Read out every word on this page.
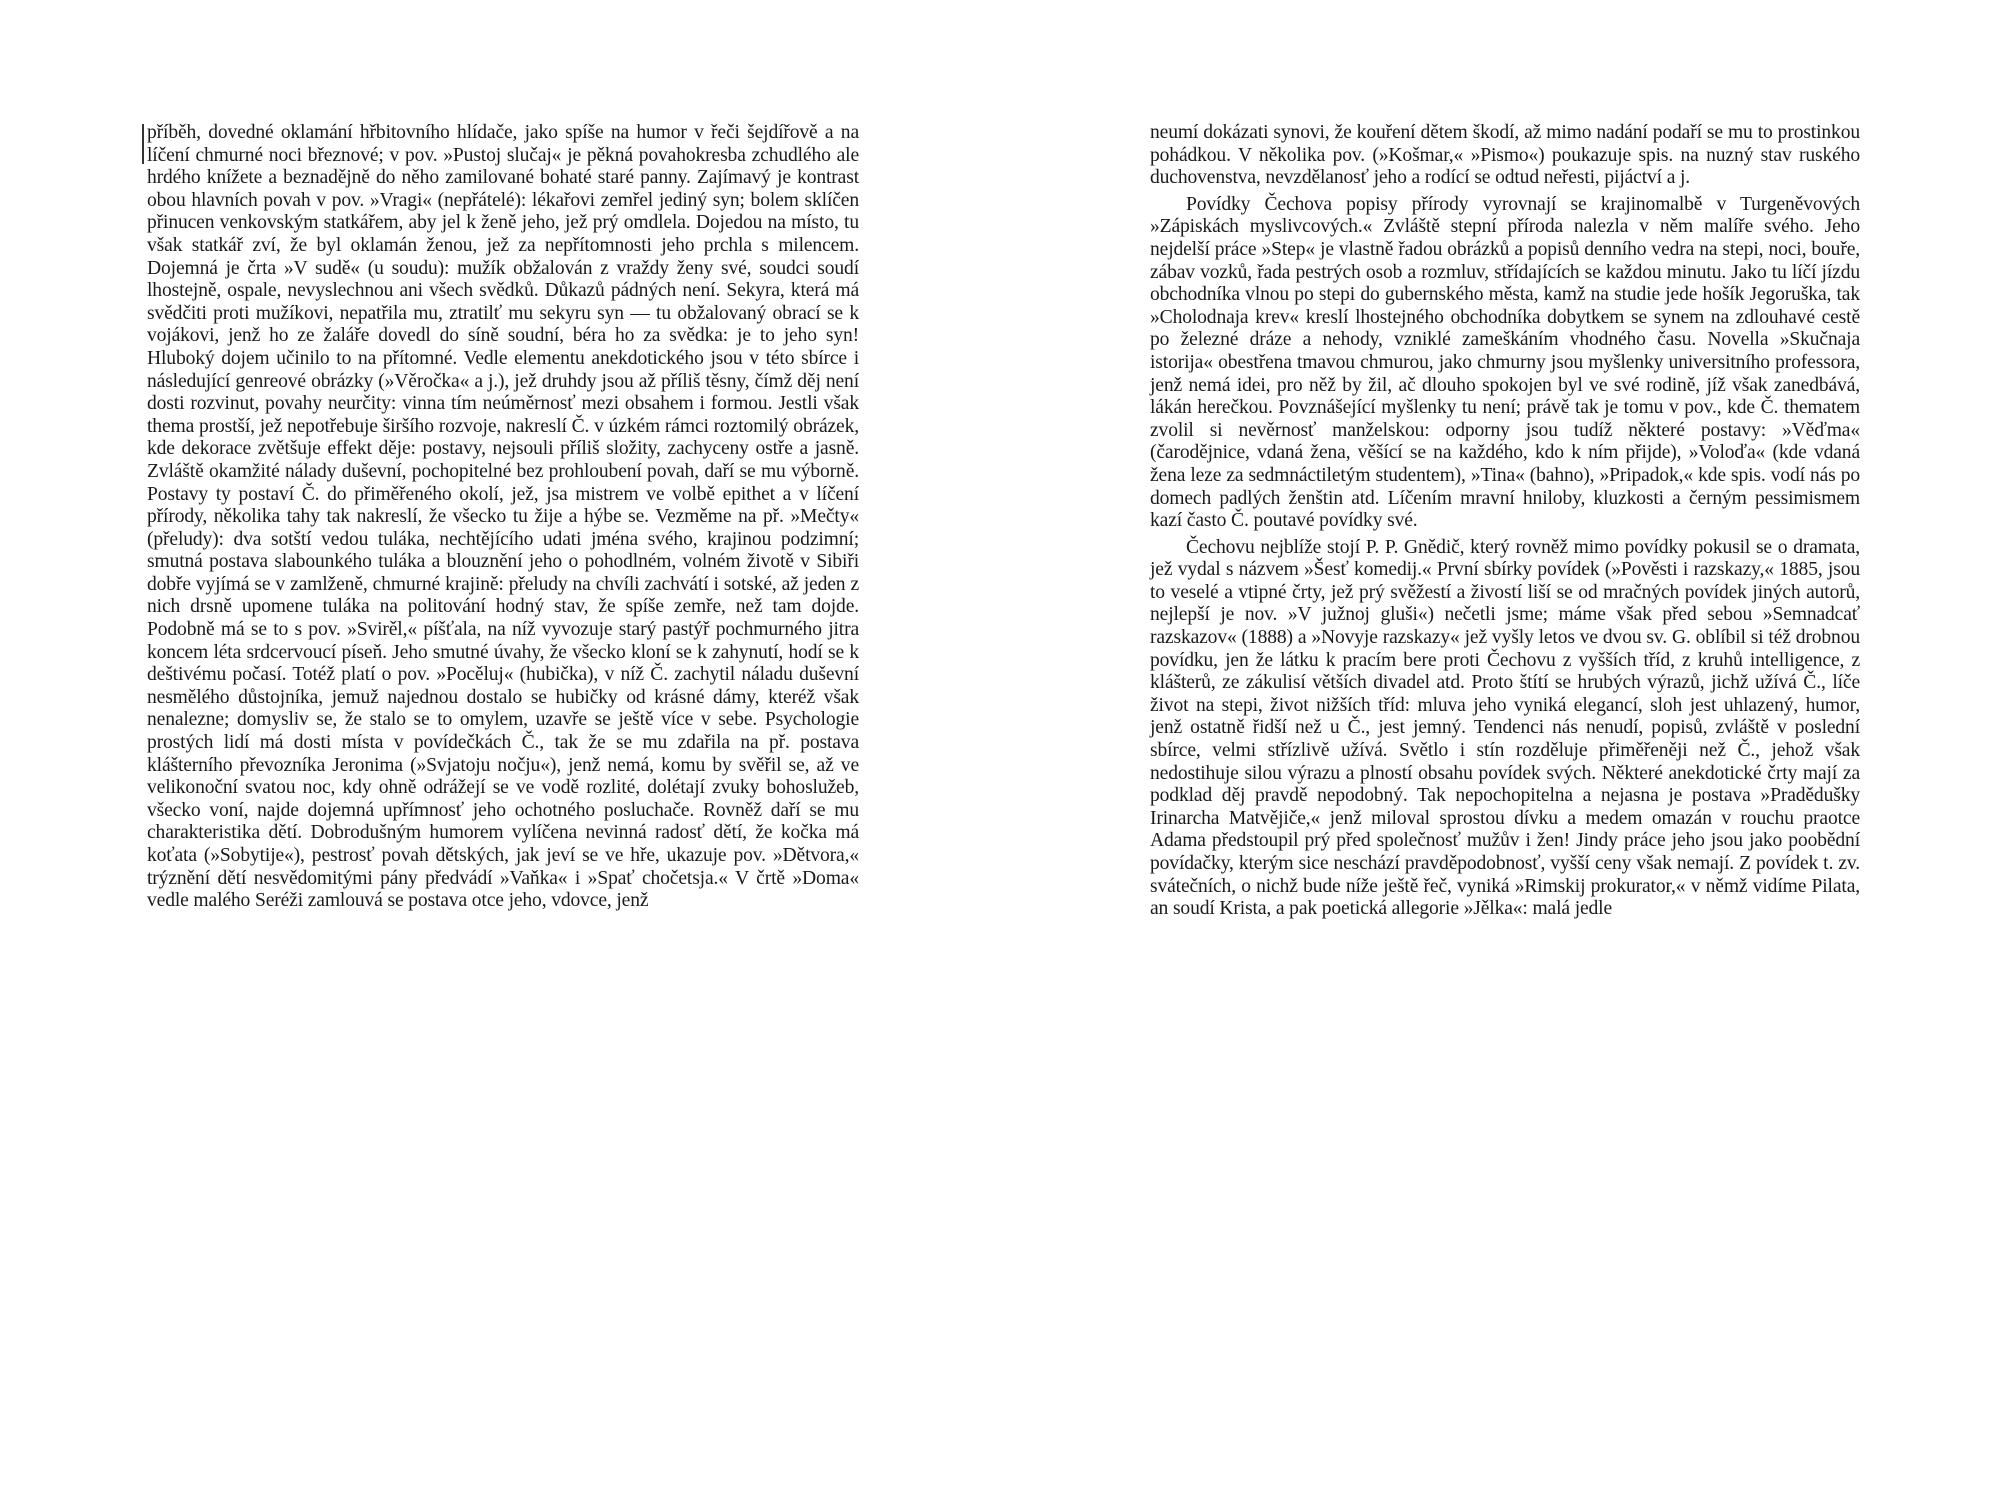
příběh, dovedné oklamání hřbitovního hlídače, jako spíše na humor v řeči šejdířově a na líčení chmurné noci březnové; v pov. »Pustoj slučaj« je pěkná povahokresba zchudlého ale hrdého knížete a beznadějně do něho zamilované bohaté staré panny. Zajímavý je kontrast obou hlavních povah v pov. »Vragi« (nepřátelé): lékařovi zemřel jediný syn; bolem sklíčen přinucen venkovským statkářem, aby jel k ženě jeho, jež prý omdlela. Dojedou na místo, tu však statkář zví, že byl oklamán ženou, jež za nepřítomnosti jeho prchla s milencem. Dojemná je črta »V sudě« (u soudu): mužík obžalován z vraždy ženy své, soudci soudí lhostejně, ospale, nevyslechnou ani všech svědků. Důkazů pádných není. Sekyra, která má svědčiti proti mužíkovi, nepatřila mu, ztratilť mu sekyru syn — tu obžalovaný obrací se k vojákovi, jenž ho ze žaláře dovedl do síně soudní, béra ho za svědka: je to jeho syn! Hluboký dojem učinilo to na přítomné. Vedle elementu anekdotického jsou v této sbírce i následující genreové obrázky (»Věročka« a j.), jež druhdy jsou až příliš těsny, čímž děj není dosti rozvinut, povahy neurčity: vinna tím neúměrnosť mezi obsahem i formou. Jestli však thema prostší, jež nepotřebuje širšího rozvoje, nakreslí Č. v úzkém rámci roztomilý obrázek, kde dekorace zvětšuje effekt děje: postavy, nejsouli příliš složity, zachyceny ostře a jasně. Zvláště okamžité nálady duševní, pochopitelné bez prohloubení povah, daří se mu výborně. Postavy ty postaví Č. do přiměřeného okolí, jež, jsa mistrem ve volbě epithet a v líčení přírody, několika tahy tak nakreslí, že všecko tu žije a hýbe se. Vezměme na př. »Mečty« (přeludy): dva sotští vedou tuláka, nechtějícího udati jména svého, krajinou podzimní; smutná postava slabounkého tuláka a blouznění jeho o pohodlném, volném životě v Sibiři dobře vyjímá se v zamlženě, chmurné krajině: přeludy na chvíli zachvátí i sotské, až jeden z nich drsně upomene tuláka na politování hodný stav, že spíše zemře, než tam dojde. Podobně má se to s pov. »Svirěl,« píšťala, na níž vyvozuje starý pastýř pochmurného jitra koncem léta srdcervoucí píseň. Jeho smutné úvahy, že všecko kloní se k zahynutí, hodí se k deštivému počasí. Totéž platí o pov. »Pocěluj« (hubička), v níž Č. zachytil náladu duševní nesmělého důstojníka, jemuž najednou dostalo se hubičky od krásné dámy, kteréž však nenalezne; domysliv se, že stalo se to omylem, uzavře se ještě více v sebe. Psychologie prostých lidí má dosti místa v povídečkách Č., tak že se mu zdařila na př. postava klášterního převozníka Jeronima (»Svjatoju nočju«), jenž nemá, komu by svěřil se, až ve velikonoční svatou noc, kdy ohně odrážejí se ve vodě rozlité, dolétají zvuky bohoslužeb, všecko voní, najde dojemná upřímnosť jeho ochotného posluchače. Rovněž daří se mu charakteristika dětí. Dobrodušným humorem vylíčena nevinná radosť dětí, že kočka má koťata (»Sobytije«), pestrosť povah dětských, jak jeví se ve hře, ukazuje pov. »Dětvora,« trýznění dětí nesvědomitými pány předvádí »Vaňka« i »Spať chočetsja.« V črtě »Doma« vedle malého Seréži zamlouvá se postava otce jeho, vdovce, jenž

neumí dokázati synovi, že kouření dětem škodí, až mimo nadání podaří se mu to prostinkou pohádkou. V několika pov. (»Košmar,« »Pismo«) poukazuje spis. na nuzný stav ruského duchovenstva, nevzdělanosť jeho a rodící se odtud neřesti, pijáctví a j.

Povídky Čechova popisy přírody vyrovnají se krajinomalbě v Turgeněvových »Zápiskách myslivcových.« Zvláště stepní příroda nalezla v něm malíře svého. Jeho nejdelší práce »Step« je vlastně řadou obrázků a popisů denního vedra na stepi, noci, bouře, zábav vozků, řada pestrých osob a rozmluv, střídajících se každou minutu. Jako tu líčí jízdu obchodníka vlnou po stepi do gubernského města, kamž na studie jede hošík Jegoruška, tak »Cholodnaja krev« kreslí lhostejného obchodníka dobytkem se synem na zdlouhavé cestě po železné dráze a nehody, vzniklé zameškáním vhodného času. Novella »Skučnaja istorija« obestřena tmavou chmurou, jako chmurny jsou myšlenky universitního professora, jenž nemá idei, pro něž by žil, ač dlouho spokojen byl ve své rodině, jíž však zanedbává, lákán herečkou. Povznášející myšlenky tu není; právě tak je tomu v pov., kde Č. thematem zvolil si nevěrnosť manželskou: odporny jsou tudíž některé postavy: »Věďma« (čarodějnice, vdaná žena, věšící se na každého, kdo k ním přijde), »Voloďa« (kde vdaná žena leze za sedmnáctiletým studentem), »Tina« (bahno), »Pripadok,« kde spis. vodí nás po domech padlých ženštin atd. Líčením mravní hniloby, kluzkosti a černým pessimismem kazí často Č. poutavé povídky své.

Čechovu nejblíže stojí P. P. Gnědič, který rovněž mimo povídky pokusil se o dramata, jež vydal s názvem »Šesť komedij.« První sbírky povídek (»Pověsti i razskazy,« 1885, jsou to veselé a vtipné črty, jež prý svěžestí a živostí liší se od mračných povídek jiných autorů, nejlepší je nov. »V južnoj gluši«) nečetli jsme; máme však před sebou »Semnadcať razskazov« (1888) a »Novyje razskazy« jež vyšly letos ve dvou sv. G. oblíbil si též drobnou povídku, jen že látku k pracím bere proti Čechovu z vyšších tříd, z kruhů intelligence, z klášterů, ze zákulisí větších divadel atd. Proto štítí se hrubých výrazů, jichž užívá Č., líče život na stepi, život nižších tříd: mluva jeho vyniká elegancí, sloh jest uhlazený, humor, jenž ostatně řidší než u Č., jest jemný. Tendenci nás nenudí, popisů, zvláště v poslední sbírce, velmi střízlivě užívá. Světlo i stín rozděluje přiměřeněji než Č., jehož však nedostihuje silou výrazu a plností obsahu povídek svých. Některé anekdotické črty mají za podklad děj pravdě nepodobný. Tak nepochopitelna a nejasna je postava »Pradědušky Irinarcha Matvějiče,« jenž miloval sprostou dívku a medem omazán v rouchu praotce Adama předstoupil prý před společnosť mužův i žen! Jindy práce jeho jsou jako poobědní povídačky, kterým sice neschází pravděpodobnosť, vyšší ceny však nemají. Z povídek t. zv. svátečních, o nichž bude níže ještě řeč, vyniká »Rimskij prokurator,« v němž vidíme Pilata, an soudí Krista, a pak poetická allegorie »Jělka«: malá jedle
